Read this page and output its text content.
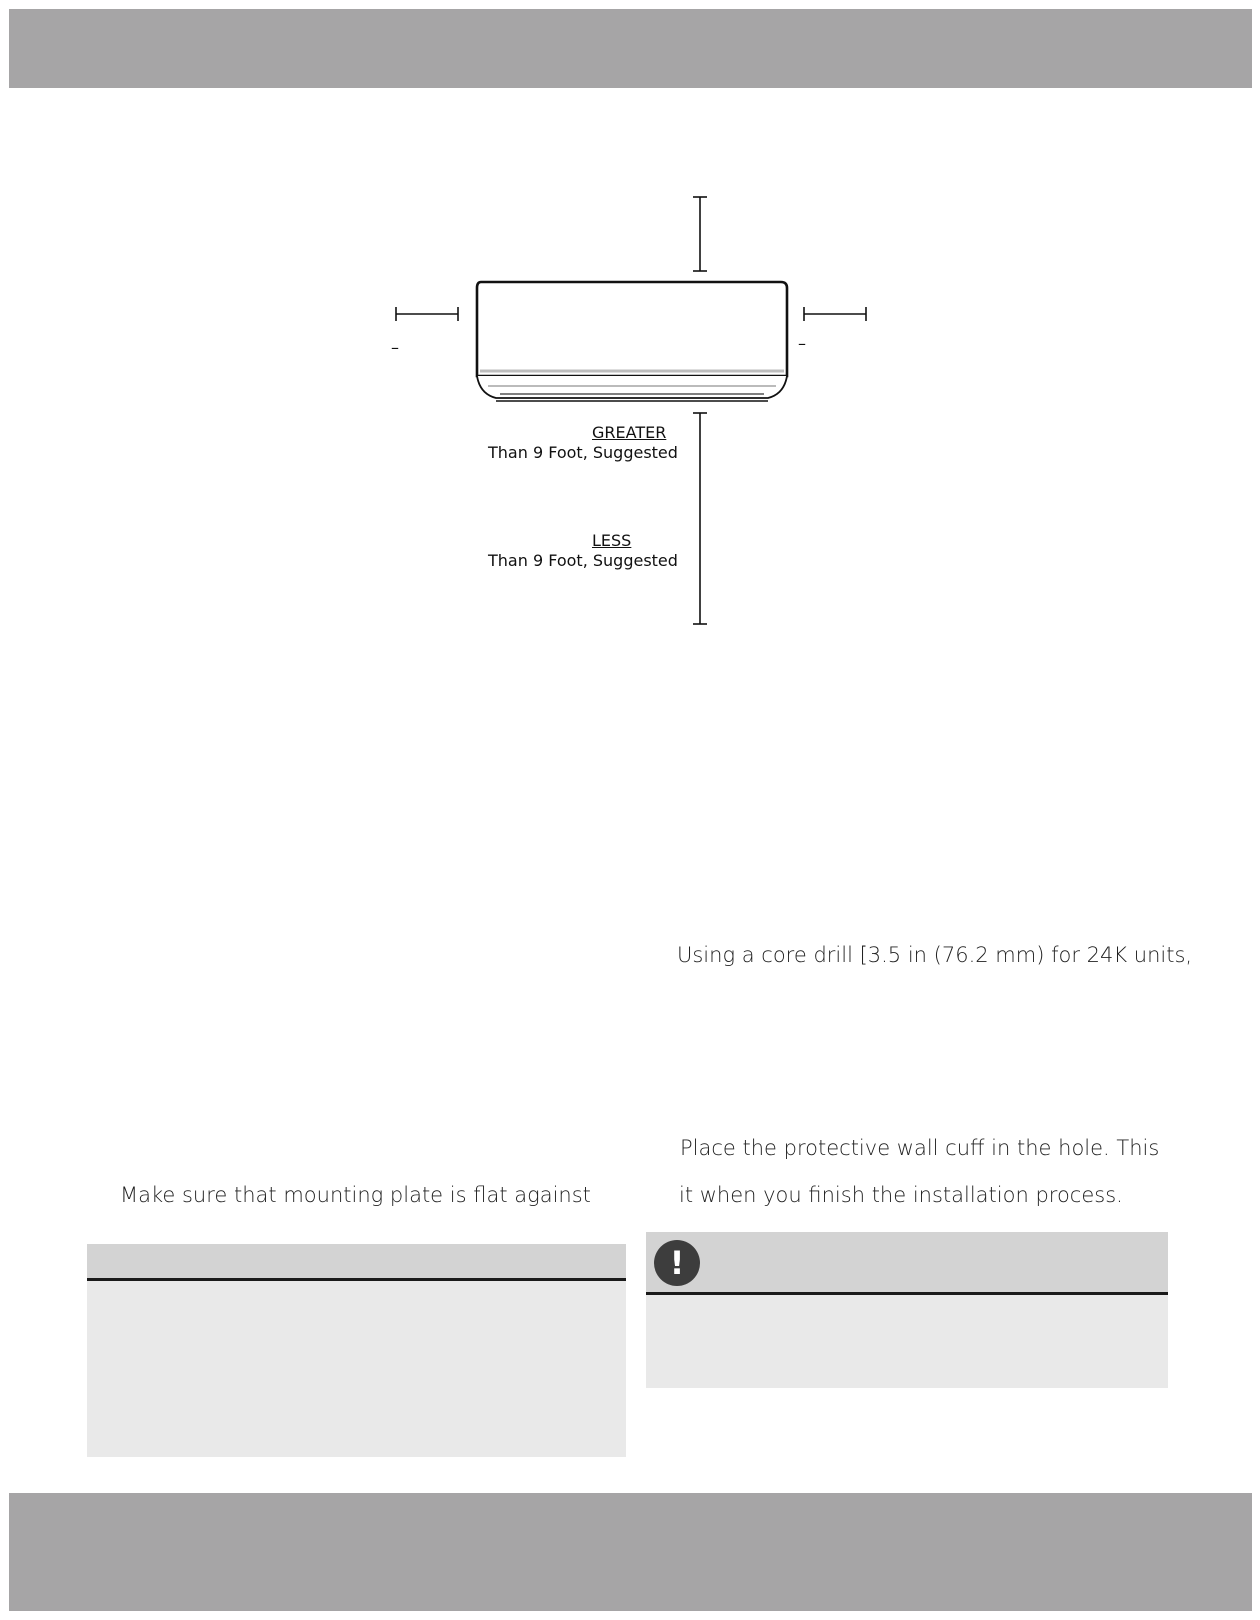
–	–
GREATER
Than 9 Foot, Suggested
LESS
Than 9 Foot, Suggested
Using a core drill [3.5 in (76.2 mm) for 24K units,
Place the protective wall cuff in the hole. This
it when you finish the installation process.
Make sure that mounting plate is flat against
!
